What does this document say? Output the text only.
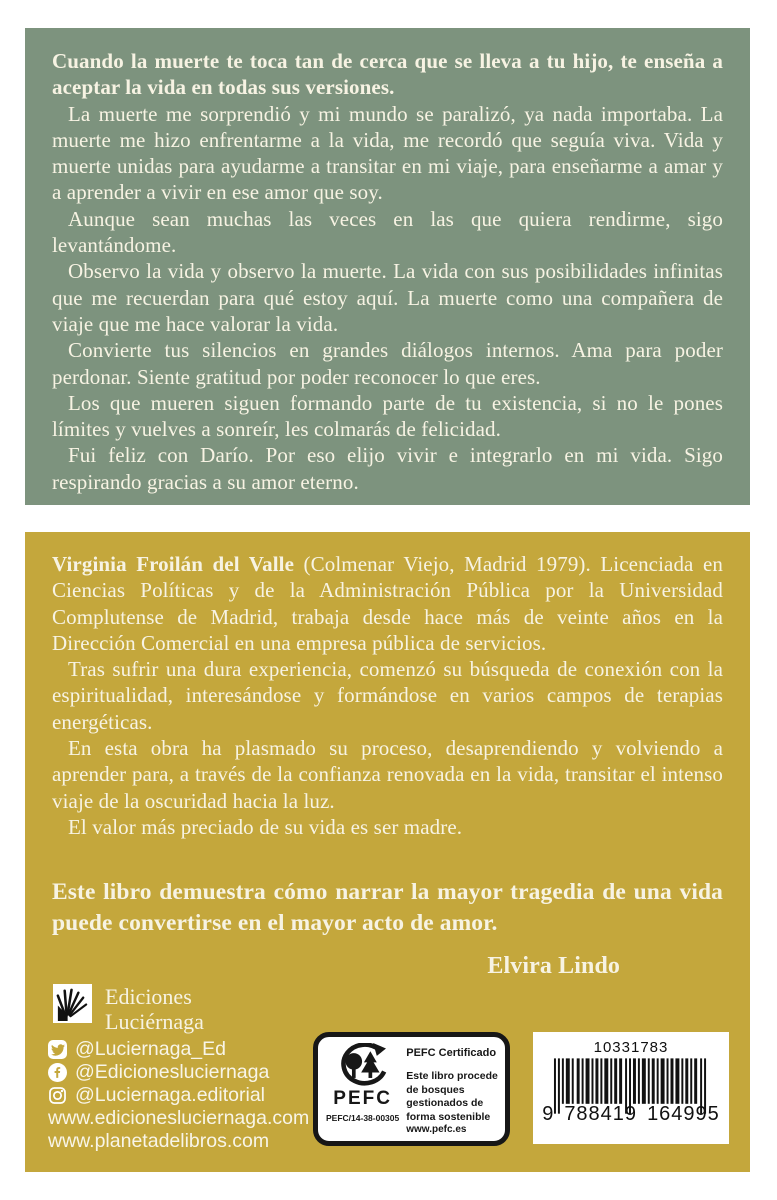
Cuando la muerte te toca tan de cerca que se lleva a tu hijo, te enseña a aceptar la vida en todas sus versiones.

La muerte me sorprendió y mi mundo se paralizó, ya nada importaba. La muerte me hizo enfrentarme a la vida, me recordó que seguía viva. Vida y muerte unidas para ayudarme a transitar en mi viaje, para enseñarme a amar y a aprender a vivir en ese amor que soy.

Aunque sean muchas las veces en las que quiera rendirme, sigo levantándome.

Observo la vida y observo la muerte. La vida con sus posibilidades infinitas que me recuerdan para qué estoy aquí. La muerte como una compañera de viaje que me hace valorar la vida.

Convierte tus silencios en grandes diálogos internos. Ama para poder perdonar. Siente gratitud por poder reconocer lo que eres.

Los que mueren siguen formando parte de tu existencia, si no le pones límites y vuelves a sonreír, les colmarás de felicidad.

Fui feliz con Darío. Por eso elijo vivir e integrarlo en mi vida. Sigo respirando gracias a su amor eterno.

Virginia Froilán del Valle (Colmenar Viejo, Madrid 1979). Licenciada en Ciencias Políticas y de la Administración Pública por la Universidad Complutense de Madrid, trabaja desde hace más de veinte años en la Dirección Comercial en una empresa pública de servicios.

Tras sufrir una dura experiencia, comenzó su búsqueda de conexión con la espiritualidad, interesándose y formándose en varios campos de terapias energéticas.

En esta obra ha plasmado su proceso, desaprendiendo y volviendo a aprender para, a través de la confianza renovada en la vida, transitar el intenso viaje de la oscuridad hacia la luz.

El valor más preciado de su vida es ser madre.

Este libro demuestra cómo narrar la mayor tragedia de una vida puede convertirse en el mayor acto de amor.

Elvira Lindo

Ediciones
Luciérnaga
@Luciernaga_Ed
@Edicionesluciernaga
@Luciernaga.editorial
www.edicionesluciernaga.com
www.planetadelibros.com
PEFC
PEFC/14-38-00305
PEFC Certificado
Este libro procede de bosques gestionados de forma sostenible
www.pefc.es
10331783
9 788419 164995
